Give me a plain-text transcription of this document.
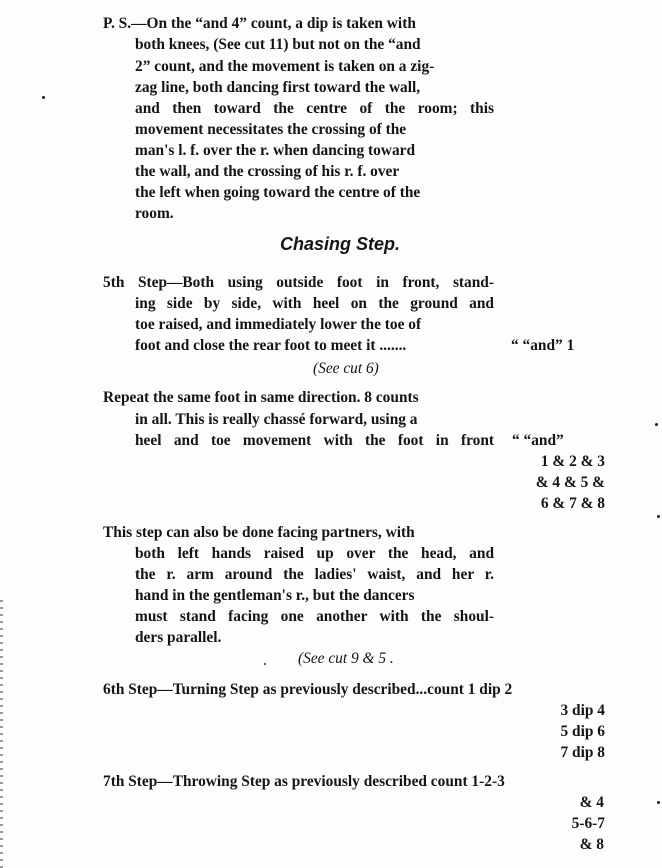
P. S.—On the “and 4” count, a dip is taken with
both knees, (See cut 11) but not on the “and
2” count, and the movement is taken on a zig-
zag line, both dancing first toward the wall,
and then toward the centre of the room; this
movement necessitates the crossing of the
man's l. f. over the r. when dancing toward
the wall, and the crossing of his r. f. over
the left when going toward the centre of the
room.
Chasing Step.
5th Step—Both using outside foot in front, stand-
ing side by side, with heel on the ground and
toe raised, and immediately lower the toe of
foot and close the rear foot to meet it .......	“ “and” 1
(See cut 6)
Repeat the same foot in same direction. 8 counts
in all. This is really chassé forward, using a
heel and toe movement with the foot in front “ “and”
1 & 2 & 3
& 4 & 5 &
6 & 7 & 8
This step can also be done facing partners, with
both left hands raised up over the head, and
the r. arm around the ladies' waist, and her r.
hand in the gentleman's r., but the dancers
must stand facing one another with the shoul-
ders parallel.
(See cut 9 & 5 .
6th Step—Turning Step as previously described...count 1 dip 2
3 dip 4
5 dip 6
7 dip 8
7th Step—Throwing Step as previously described count 1-2-3
& 4
5-6-7
& 8
